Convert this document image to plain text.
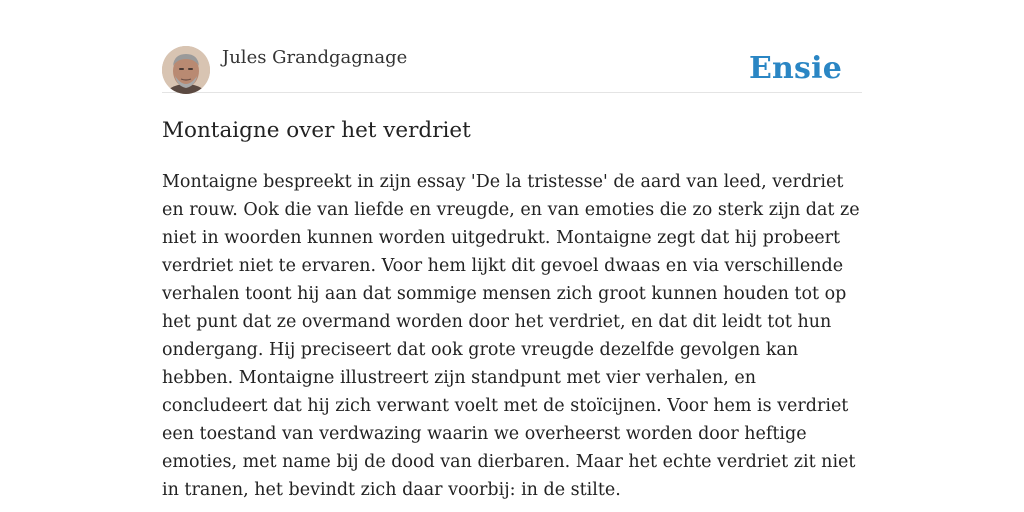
Jules Grandgagnage	Ensie
Montaigne over het verdriet

Montaigne bespreekt in zijn essay 'De la tristesse' de aard van leed, verdriet en rouw. Ook die van liefde en vreugde, en van emoties die zo sterk zijn dat ze niet in woorden kunnen worden uitgedrukt. Montaigne zegt dat hij probeert verdriet niet te ervaren. Voor hem lijkt dit gevoel dwaas en via verschillende verhalen toont hij aan dat sommige mensen zich groot kunnen houden tot op het punt dat ze overmand worden door het verdriet, en dat dit leidt tot hun ondergang. Hij preciseert dat ook grote vreugde dezelfde gevolgen kan hebben. Montaigne illustreert zijn standpunt met vier verhalen, en concludeert dat hij zich verwant voelt met de stoïcijnen. Voor hem is verdriet een toestand van verdwazing waarin we overheerst worden door heftige emoties, met name bij de dood van dierbaren. Maar het echte verdriet zit niet in tranen, het bevindt zich daar voorbij: in de stilte.
